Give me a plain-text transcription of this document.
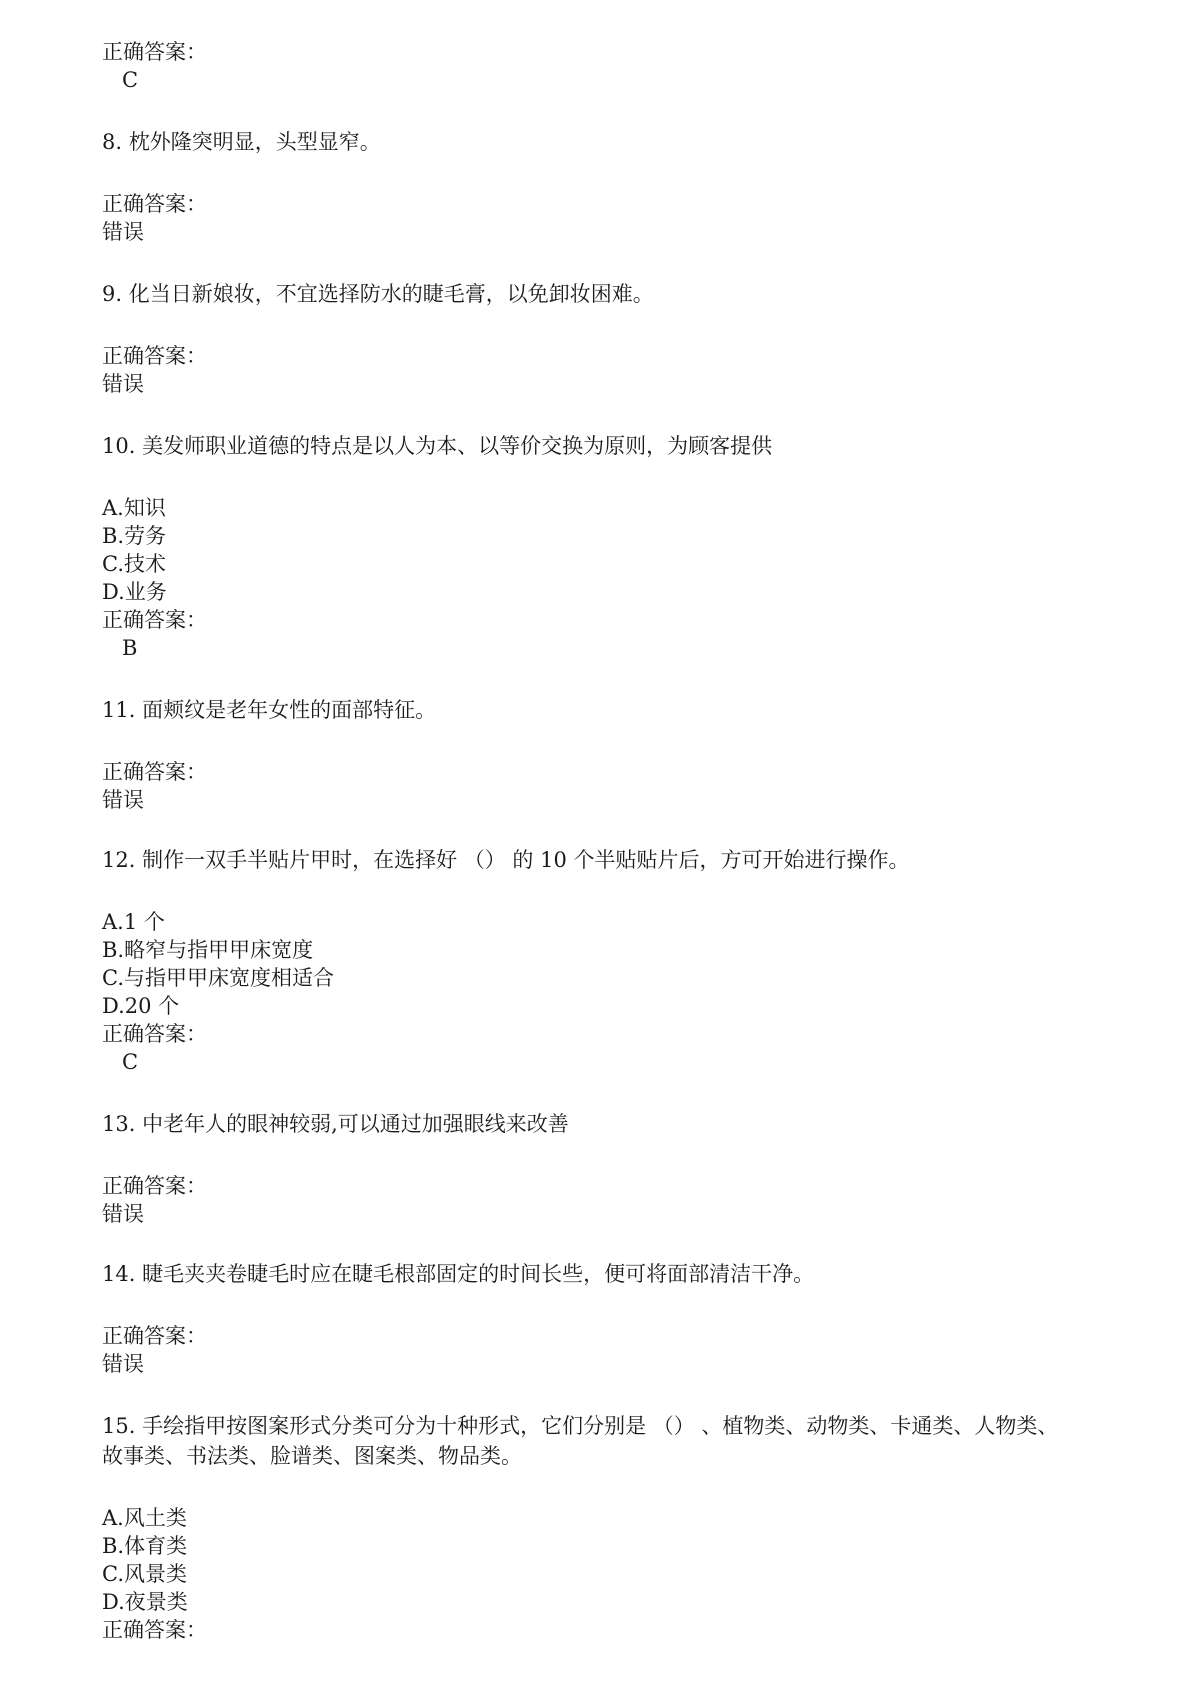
正确答案：
C
8. 枕外隆突明显，头型显窄。
正确答案：
错误
9. 化当日新娘妆，不宜选择防水的睫毛膏，以免卸妆困难。
正确答案：
错误
10. 美发师职业道德的特点是以人为本、以等价交换为原则，为顾客提供
A.知识
B.劳务
C.技术
D.业务
正确答案：
B
11. 面颊纹是老年女性的面部特征。
正确答案：
错误
12. 制作一双手半贴片甲时，在选择好 （） 的 10 个半贴贴片后，方可开始进行操作。
A.1 个
B.略窄与指甲甲床宽度
C.与指甲甲床宽度相适合
D.20 个
正确答案：
C
13. 中老年人的眼神较弱,可以通过加强眼线来改善
正确答案：
错误
14. 睫毛夹夹卷睫毛时应在睫毛根部固定的时间长些，便可将面部清洁干净。
正确答案：
错误
15. 手绘指甲按图案形式分类可分为十种形式，它们分别是 （） 、植物类、动物类、卡通类、人物类、
故事类、书法类、脸谱类、图案类、物品类。
A.风土类
B.体育类
C.风景类
D.夜景类
正确答案：
